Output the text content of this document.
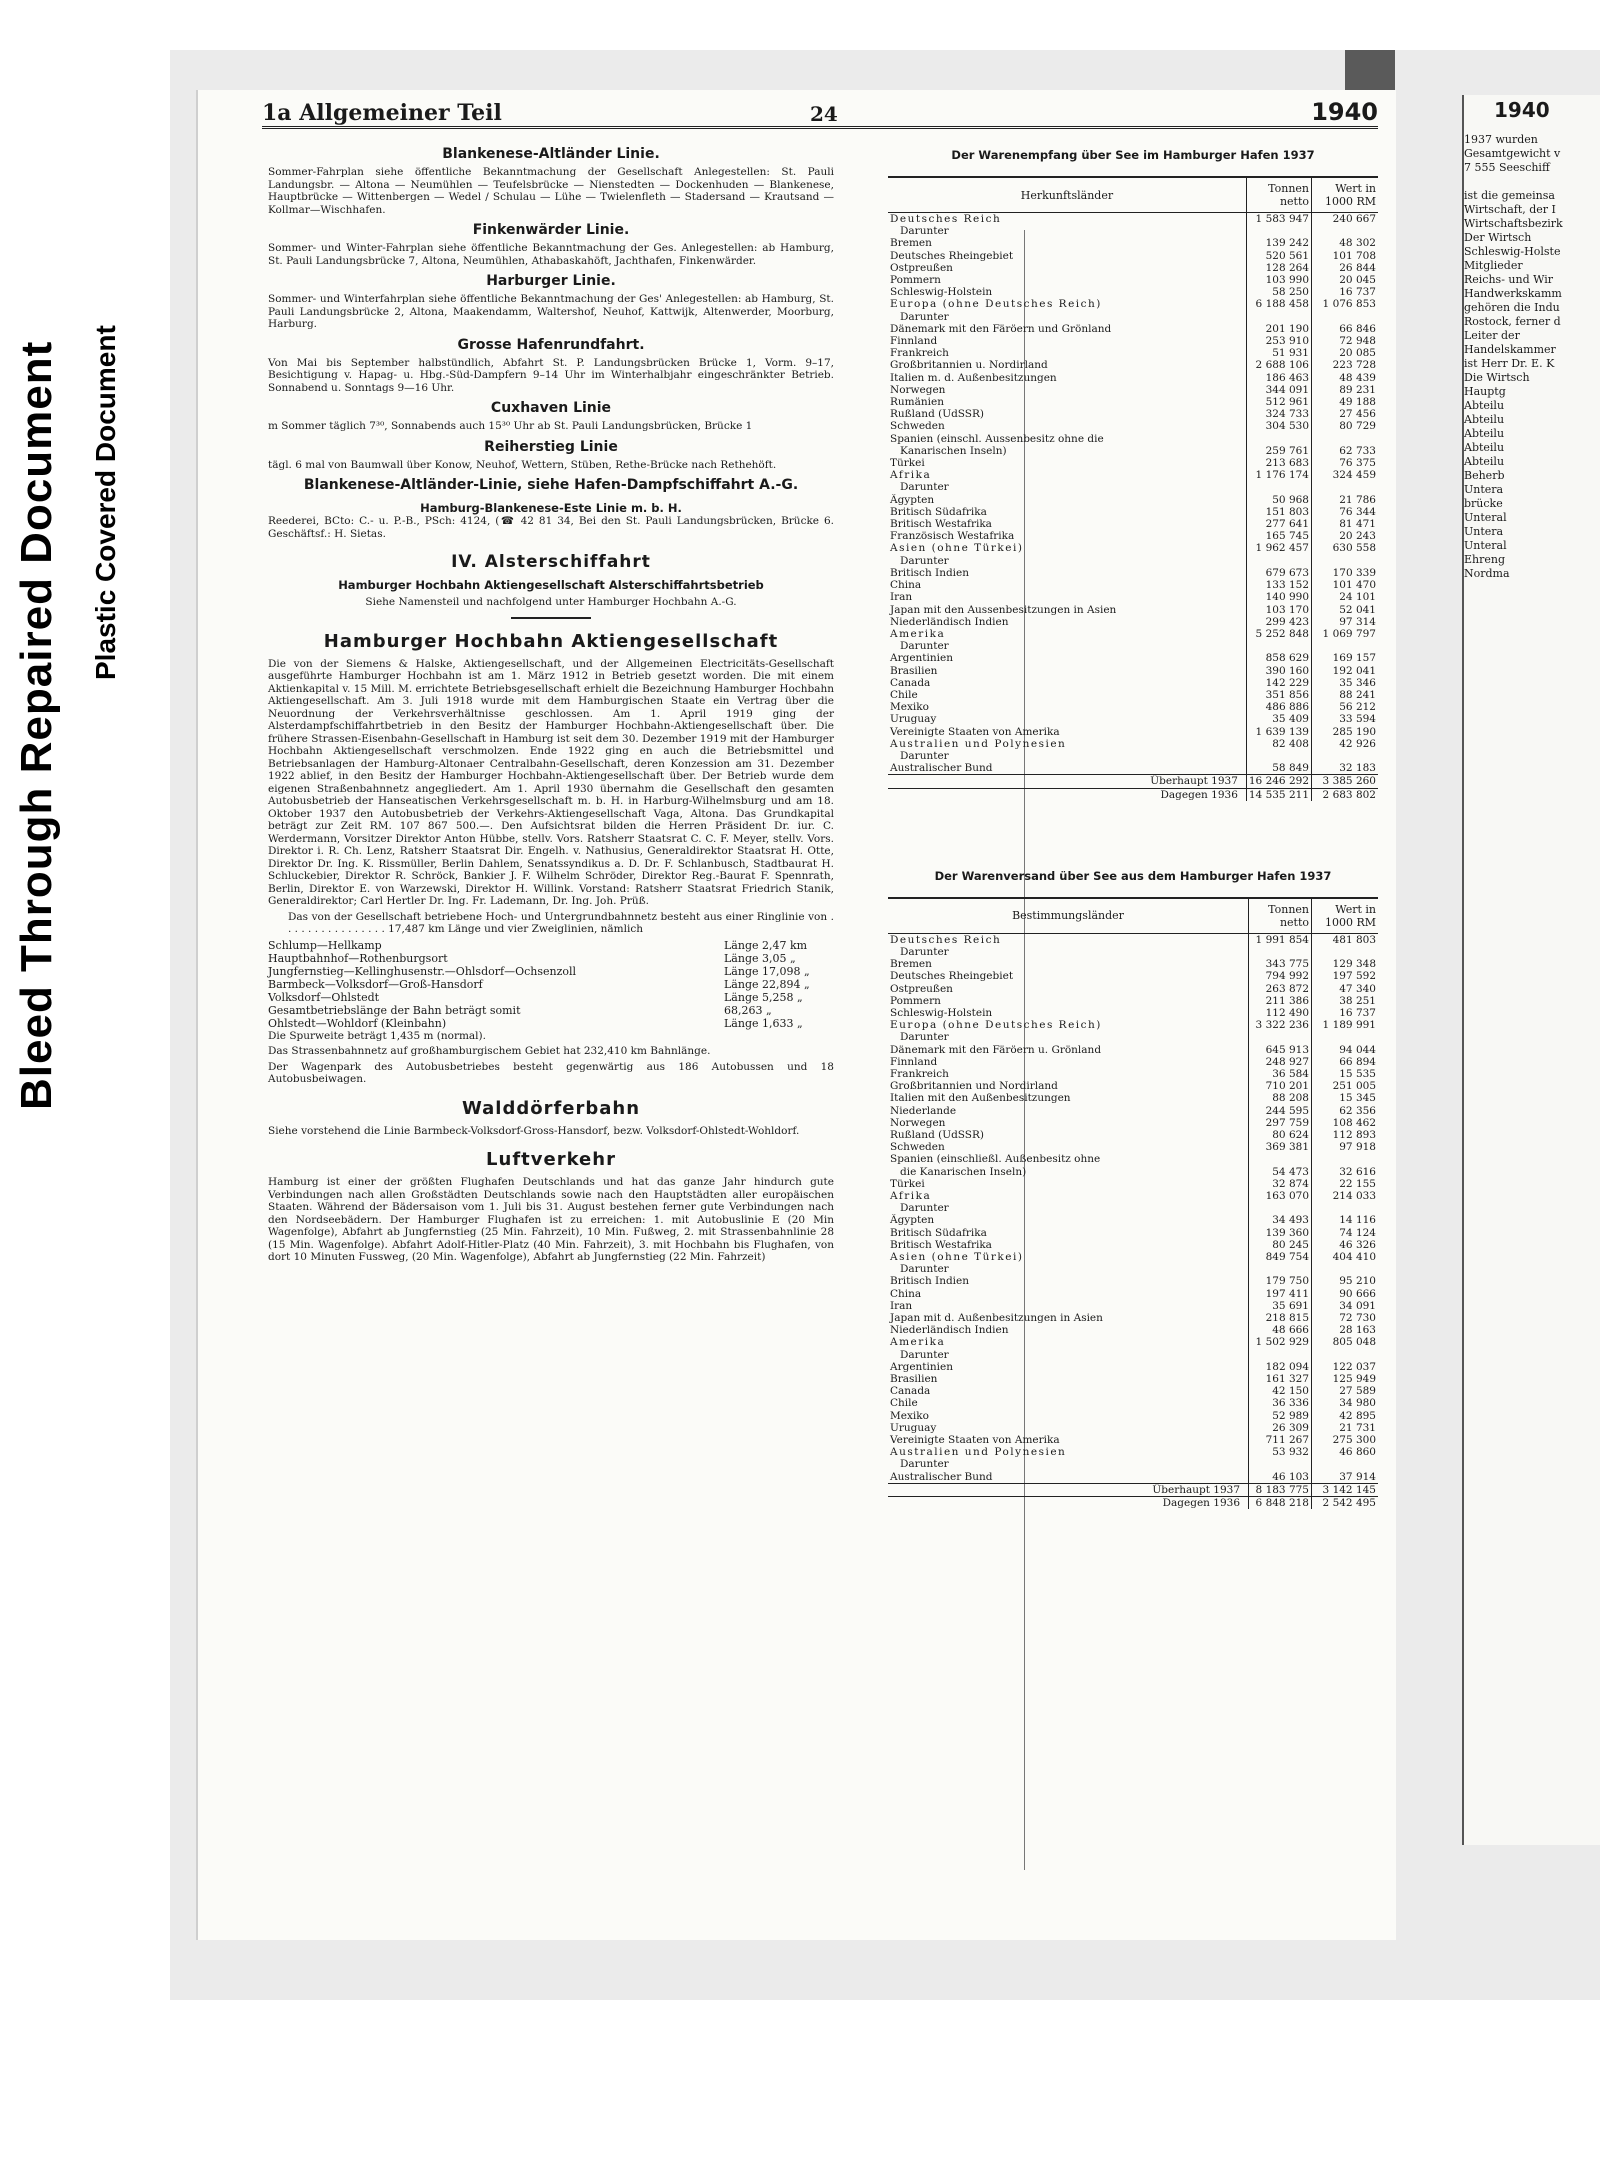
Bleed Through Repaired Document Plastic Covered Document
1a Allgemeiner Teil	24	1940
Blankenese-Altländer Linie.

Sommer-Fahrplan siehe öffentliche Bekanntmachung der Gesellschaft Anlegestellen: St. Pauli Landungsbr. — Altona — Neumühlen — Teufelsbrücke — Nienstedten — Dockenhuden — Blankenese, Hauptbrücke — Wittenbergen — Wedel / Schulau — Lühe — Twielenfleth — Stadersand — Krautsand — Kollmar—Wischhafen.

Finkenwärder Linie.

Sommer- und Winter-Fahrplan siehe öffentliche Bekanntmachung der Ges. Anlegestellen: ab Hamburg, St. Pauli Landungsbrücke 7, Altona, Neumühlen, Athabaskahöft, Jachthafen, Finkenwärder.

Harburger Linie.

Sommer- und Winterfahrplan siehe öffentliche Bekanntmachung der Ges' Anlegestellen: ab Hamburg, St. Pauli Landungsbrücke 2, Altona, Maakendamm, Waltershof, Neuhof, Kattwijk, Altenwerder, Moorburg, Harburg.

Grosse Hafenrundfahrt.

Von Mai bis September halbstündlich, Abfahrt St. P. Landungsbrücken Brücke 1, Vorm. 9–17, Besichtigung v. Hapag- u. Hbg.-Süd-Dampfern 9–14 Uhr im Winterhalbjahr eingeschränkter Betrieb. Sonnabend u. Sonntags 9—16 Uhr.

Cuxhaven Linie

m Sommer täglich 7³⁰, Sonnabends auch 15³⁰ Uhr ab St. Pauli Landungsbrücken, Brücke 1

Reiherstieg Linie

tägl. 6 mal von Baumwall über Konow, Neuhof, Wettern, Stüben, Rethe-Brücke nach Rethehöft.

Blankenese-Altländer-Linie, siehe Hafen-Dampfschiffahrt A.-G.
Hamburg-Blankenese-Este Linie m. b. H.

Reederei, BCto: C.- u. P.-B., PSch: 4124, (☎ 42 81 34, Bei den St. Pauli Landungsbrücken, Brücke 6. Geschäftsf.: H. Sietas.

IV. Alsterschiffahrt
Hamburger Hochbahn Aktiengesellschaft Alsterschiffahrtsbetrieb

Siehe Namensteil und nachfolgend unter Hamburger Hochbahn A.-G.

Hamburger Hochbahn Aktiengesellschaft

Die von der Siemens & Halske, Aktiengesellschaft, und der Allgemeinen Electricitäts-Gesellschaft ausgeführte Hamburger Hochbahn ist am 1. März 1912 in Betrieb gesetzt worden. Die mit einem Aktienkapital v. 15 Mill. M. errichtete Betriebsgesellschaft erhielt die Bezeichnung Hamburger Hochbahn Aktiengesellschaft. Am 3. Juli 1918 wurde mit dem Hamburgischen Staate ein Vertrag über die Neuordnung der Verkehrsverhältnisse geschlossen. Am 1. April 1919 ging der Alsterdampfschiffahrtbetrieb in den Besitz der Hamburger Hochbahn-Aktiengesellschaft über. Die frühere Strassen-Eisenbahn-Gesellschaft in Hamburg ist seit dem 30. Dezember 1919 mit der Hamburger Hochbahn Aktiengesellschaft verschmolzen. Ende 1922 ging en auch die Betriebsmittel und Betriebsanlagen der Hamburg-Altonaer Centralbahn-Gesellschaft, deren Konzession am 31. Dezember 1922 ablief, in den Besitz der Hamburger Hochbahn-Aktiengesellschaft über. Der Betrieb wurde dem eigenen Straßenbahnnetz angegliedert. Am 1. April 1930 übernahm die Gesellschaft den gesamten Autobusbetrieb der Hanseatischen Verkehrsgesellschaft m. b. H. in Harburg-Wilhelmsburg und am 18. Oktober 1937 den Autobusbetrieb der Verkehrs-Aktiengesellschaft Vaga, Altona. Das Grundkapital beträgt zur Zeit RM. 107 867 500.—. Den Aufsichtsrat bilden die Herren Präsident Dr. iur. C. Werdermann, Vorsitzer Direktor Anton Hübbe, stellv. Vors. Ratsherr Staatsrat C. C. F. Meyer, stellv. Vors. Direktor i. R. Ch. Lenz, Ratsherr Staatsrat Dir. Engelh. v. Nathusius, Generaldirektor Staatsrat H. Otte, Direktor Dr. Ing. K. Rissmüller, Berlin Dahlem, Senatssyndikus a. D. Dr. F. Schlanbusch, Stadtbaurat H. Schluckebier, Direktor R. Schröck, Bankier J. F. Wilhelm Schröder, Direktor Reg.-Baurat F. Spennrath, Berlin, Direktor E. von Warzewski, Direktor H. Willink. Vorstand: Ratsherr Staatsrat Friedrich Stanik, Generaldirektor; Carl Hertler Dr. Ing. Fr. Lademann, Dr. Ing. Joh. Prüß.

Das von der Gesellschaft betriebene Hoch- und Untergrundbahnnetz besteht aus einer Ringlinie von . . . . . . . . . . . . . . . . 17,487 km Länge und vier Zweiglinien, nämlich

Schlump—Hellkamp	Länge 2,47 km
Hauptbahnhof—Rothenburgsort	Länge 3,05 „
Jungfernstieg—Kellinghusenstr.—Ohlsdorf—Ochsenzoll	Länge 17,098 „
Barmbeck—Volksdorf—Groß-Hansdorf	Länge 22,894 „
Volksdorf—Ohlstedt	Länge 5,258 „
Gesamtbetriebslänge der Bahn beträgt somit	68,263 „
Ohlstedt—Wohldorf (Kleinbahn)	Länge 1,633 „

Die Spurweite beträgt 1,435 m (normal).

Das Strassenbahnnetz auf großhamburgischem Gebiet hat 232,410 km Bahnlänge.

Der Wagenpark des Autobusbetriebes besteht gegenwärtig aus 186 Autobussen und 18 Autobusbeiwagen.

Walddörferbahn

Siehe vorstehend die Linie Barmbeck-Volksdorf-Gross-Hansdorf, bezw. Volksdorf-Ohlstedt-Wohldorf.

Luftverkehr

Hamburg ist einer der größten Flughafen Deutschlands und hat das ganze Jahr hindurch gute Verbindungen nach allen Großstädten Deutschlands sowie nach den Hauptstädten aller europäischen Staaten. Während der Bädersaison vom 1. Juli bis 31. August bestehen ferner gute Verbindungen nach den Nordseebädern. Der Hamburger Flughafen ist zu erreichen: 1. mit Autobuslinie E (20 Min Wagenfolge), Abfahrt ab Jungfernstieg (25 Min. Fahrzeit), 10 Min. Fußweg, 2. mit Strassenbahnlinie 28 (15 Min. Wagenfolge). Abfahrt Adolf-Hitler-Platz (40 Min. Fahrzeit), 3. mit Hochbahn bis Flughafen, von dort 10 Minuten Fussweg, (20 Min. Wagenfolge), Abfahrt ab Jungfernstieg (22 Min. Fahrzeit)

Der Warenempfang über See im Hamburger Hafen 1937
Herkunftsländer	Tonnen netto	Wert in 1000 RM
Deutsches Reich	1 583 947	240 667
Darunter		
Bremen	139 242	48 302
Deutsches Rheingebiet	520 561	101 708
Ostpreußen	128 264	26 844
Pommern	103 990	20 045
Schleswig-Holstein	58 250	16 737
Europa (ohne Deutsches Reich)	6 188 458	1 076 853
Darunter		
Dänemark mit den Färöern und Grönland	201 190	66 846
Finnland	253 910	72 948
Frankreich	51 931	20 085
Großbritannien u. Nordirland	2 688 106	223 728
Italien m. d. Außenbesitzungen	186 463	48 439
Norwegen	344 091	89 231
Rumänien	512 961	49 188
Rußland (UdSSR)	324 733	27 456
Schweden	304 530	80 729
Spanien (einschl. Aussenbesitz ohne die		
Kanarischen Inseln)	259 761	62 733
Türkei	213 683	76 375
Afrika	1 176 174	324 459
Darunter		
Ägypten	50 968	21 786
Britisch Südafrika	151 803	76 344
Britisch Westafrika	277 641	81 471
Französisch Westafrika	165 745	20 243
Asien (ohne Türkei)	1 962 457	630 558
Darunter		
Britisch Indien	679 673	170 339
China	133 152	101 470
Iran	140 990	24 101
Japan mit den Aussenbesitzungen in Asien	103 170	52 041
Niederländisch Indien	299 423	97 314
Amerika	5 252 848	1 069 797
Darunter		
Argentinien	858 629	169 157
Brasilien	390 160	192 041
Canada	142 229	35 346
Chile	351 856	88 241
Mexiko	486 886	56 212
Uruguay	35 409	33 594
Vereinigte Staaten von Amerika	1 639 139	285 190
Australien und Polynesien	82 408	42 926
Darunter		
Australischer Bund	58 849	32 183
Überhaupt 1937	16 246 292	3 385 260
Dagegen 1936	14 535 211	2 683 802
Der Warenversand über See aus dem Hamburger Hafen 1937
Bestimmungsländer	Tonnen netto	Wert in 1000 RM
Deutsches Reich	1 991 854	481 803
Darunter		
Bremen	343 775	129 348
Deutsches Rheingebiet	794 992	197 592
Ostpreußen	263 872	47 340
Pommern	211 386	38 251
Schleswig-Holstein	112 490	16 737
Europa (ohne Deutsches Reich)	3 322 236	1 189 991
Darunter		
Dänemark mit den Färöern u. Grönland	645 913	94 044
Finnland	248 927	66 894
Frankreich	36 584	15 535
Großbritannien und Nordirland	710 201	251 005
Italien mit den Außenbesitzungen	88 208	15 345
Niederlande	244 595	62 356
Norwegen	297 759	108 462
Rußland (UdSSR)	80 624	112 893
Schweden	369 381	97 918
Spanien (einschließl. Außenbesitz ohne		
die Kanarischen Inseln)	54 473	32 616
Türkei	32 874	22 155
Afrika	163 070	214 033
Darunter		
Ägypten	34 493	14 116
Britisch Südafrika	139 360	74 124
Britisch Westafrika	80 245	46 326
Asien (ohne Türkei)	849 754	404 410
Darunter		
Britisch Indien	179 750	95 210
China	197 411	90 666
Iran	35 691	34 091
Japan mit d. Außenbesitzungen in Asien	218 815	72 730
Niederländisch Indien	48 666	28 163
Amerika	1 502 929	805 048
Darunter		
Argentinien	182 094	122 037
Brasilien	161 327	125 949
Canada	42 150	27 589
Chile	36 336	34 980
Mexiko	52 989	42 895
Uruguay	26 309	21 731
Vereinigte Staaten von Amerika	711 267	275 300
Australien und Polynesien	53 932	46 860
Darunter		
Australischer Bund	46 103	37 914
Überhaupt 1937	8 183 775	3 142 145
Dagegen 1936	6 848 218	2 542 495
1940
1937 wurden
Gesamtgewicht v
7 555 Seeschiff
ist die gemeinsa
Wirtschaft, der I
Wirtschaftsbezirk
Der Wirtsch
Schleswig-Holste
Mitglieder
Reichs- und Wir
Handwerkskamm
gehören die Indu
Rostock, ferner d
Leiter der
Handelskammer
ist Herr Dr. E. K
Die Wirtsch
Hauptg
Abteilu
Abteilu
Abteilu
Abteilu
Abteilu
Beherb
Untera
brücke
Unteral
Untera
Unteral
Ehreng
Nordma
